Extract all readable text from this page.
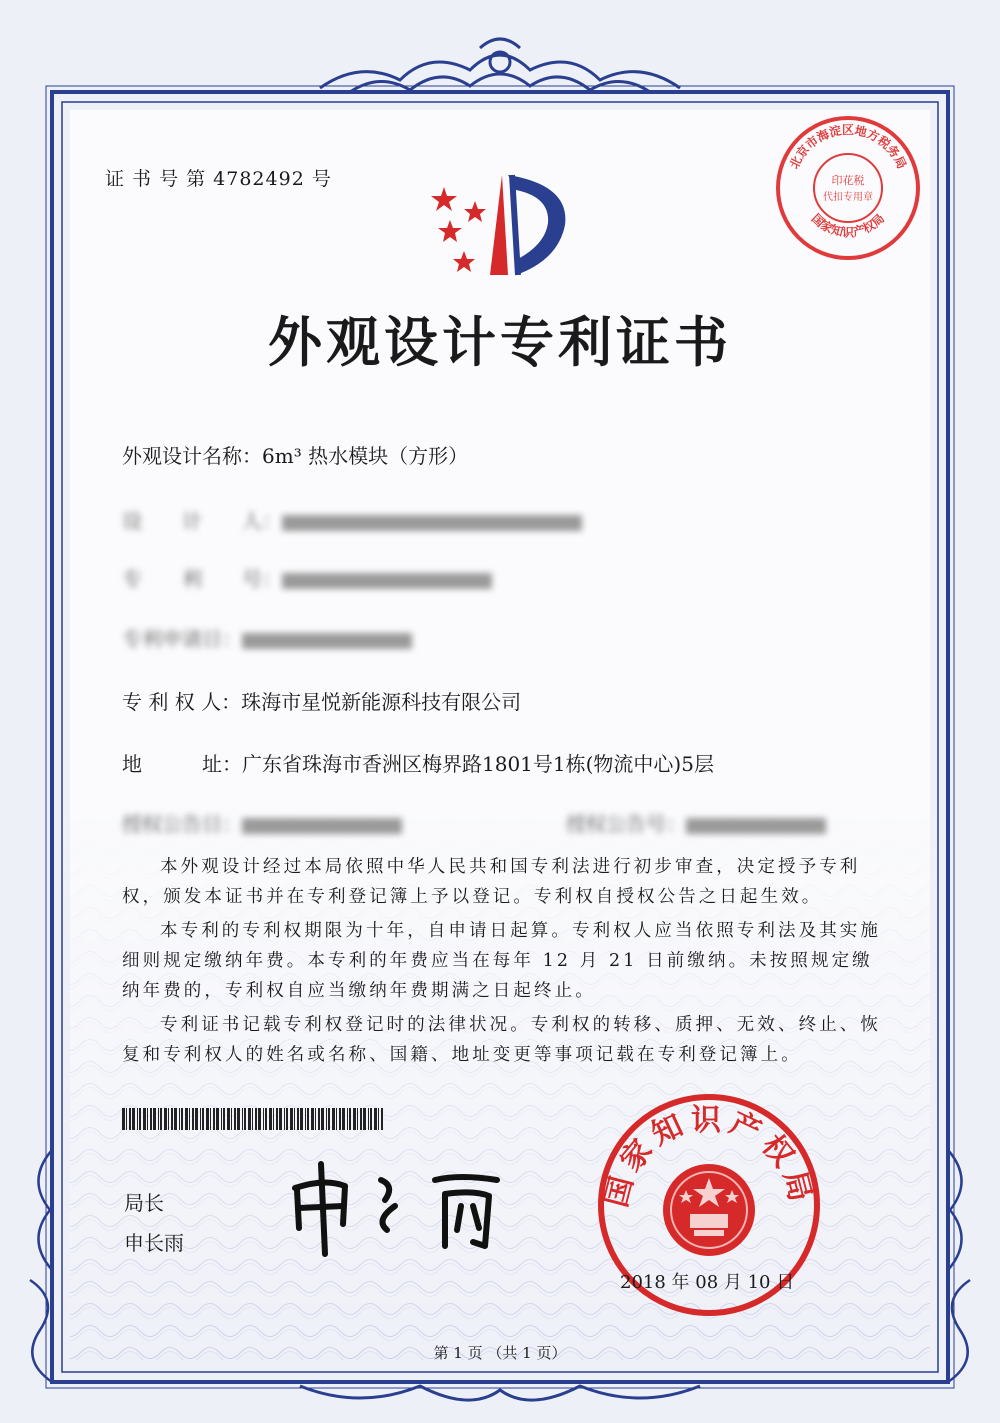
证 书 号 第 4782492 号
北京市海淀区地方税务局
印花税
代扣专用章
国家知识产权局
外观设计专利证书
外观设计名称：6m³ 热水模块（方形）
设　　计　　人：
专　　利　　号：
专利申请日：
专 利 权 人：珠海市星悦新能源科技有限公司
地　　　址：广东省珠海市香洲区梅界路1801号1栋(物流中心)5层
授权公告日：	授权公告号：

本外观设计经过本局依照中华人民共和国专利法进行初步审查，决定授予专利权，颁发本证书并在专利登记簿上予以登记。专利权自授权公告之日起生效。

本专利的专利权期限为十年，自申请日起算。专利权人应当依照专利法及其实施细则规定缴纳年费。本专利的年费应当在每年 12 月 21 日前缴纳。未按照规定缴纳年费的，专利权自应当缴纳年费期满之日起终止。

专利证书记载专利权登记时的法律状况。专利权的转移、质押、无效、终止、恢复和专利权人的姓名或名称、国籍、地址变更等事项记载在专利登记簿上。

局长
申长雨
国家知识产权局
2018 年 08 月 10 日
第 1 页 （共 1 页）
